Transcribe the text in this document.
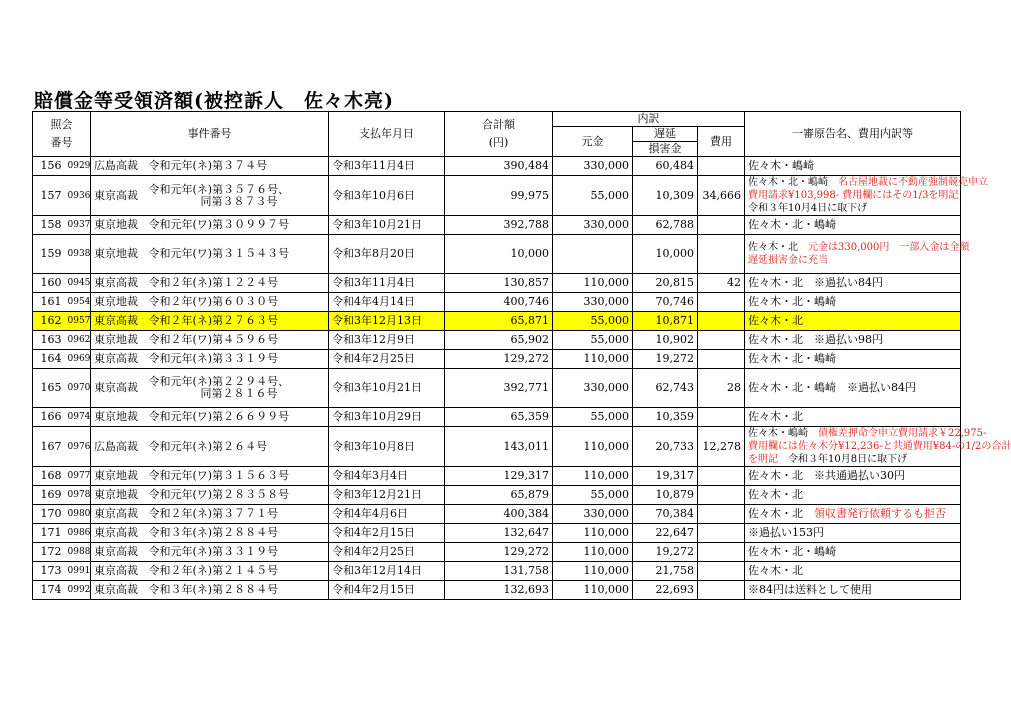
賠償金等受領済額(被控訴人　佐々木亮)
照会
番号		事件番号		支払年月日	合計額
(円)	内訳			一審原告名、費用内訳等
						元金	遅延	費用	
							損害金		
156	0929	広島高裁	令和元年(ネ)第３７４号	令和3年11月4日	390,484	330,000	60,484		佐々木・嶋崎
157	0936	東京高裁	令和元年(ネ)第３５７６号、
同第３８７３号	令和3年10月6日	99,975	55,000	10,309	34,666	佐々木・北・嶋崎　名古屋地裁に不動産強制競売申立
費用請求¥103,998- 費用欄にはその1/3を明記
令和３年10月4日に取下げ

158	0937	東京地裁	令和元年(ワ)第３０９９７号	令和3年10月21日	392,788	330,000	62,788		佐々木・北・嶋崎
159	0938	東京地裁	令和元年(ワ)第３１５４３号	令和3年8月20日	10,000		10,000		佐々木・北　元金は330,000円　一部入金は全額
遅延損害金に充当

160	0945	東京高裁	令和２年(ネ)第１２２４号	令和3年11月4日	130,857	110,000	20,815	42	佐々木・北　※過払い84円
161	0954	東京地裁	令和２年(ワ)第６０３０号	令和4年4月14日	400,746	330,000	70,746		佐々木・北・嶋崎
162	0957	東京高裁	令和２年(ネ)第２７６３号	令和3年12月13日	65,871	55,000	10,871		佐々木・北
163	0962	東京地裁	令和２年(ワ)第４５９６号	令和3年12月9日	65,902	55,000	10,902		佐々木・北　※過払い98円
164	0969	東京高裁	令和元年(ネ)第３３１９号	令和4年2月25日	129,272	110,000	19,272		佐々木・北・嶋崎
165	0970	東京高裁	令和元年(ネ)第２２９４号、
同第２８１６号	令和3年10月21日	392,771	330,000	62,743	28	佐々木・北・嶋崎　※過払い84円
166	0974	東京地裁	令和元年(ワ)第２６６９９号	令和3年10月29日	65,359	55,000	10,359		佐々木・北
167	0976	広島高裁	令和元年(ネ)第２６４号	令和3年10月8日	143,011	110,000	20,733	12,278	佐々木・嶋崎　債権差押命令申立費用請求￥22,975-
費用欄には佐々木分¥12,236-と共通費用¥84-の1/2の合計
を明記　令和３年10月8日に取下げ

168	0977	東京地裁	令和元年(ワ)第３１５６３号	令和4年3月4日	129,317	110,000	19,317		佐々木・北　※共通過払い30円
169	0978	東京地裁	令和元年(ワ)第２８３５８号	令和3年12月21日	65,879	55,000	10,879		佐々木・北
170	0980	東京高裁	令和２年(ネ)第３７７１号	令和4年4月6日	400,384	330,000	70,384		佐々木・北　領収書発行依頼するも拒否
171	0986	東京高裁	令和３年(ネ)第２８８４号	令和4年2月15日	132,647	110,000	22,647		※過払い153円
172	0988	東京高裁	令和元年(ネ)第３３１９号	令和4年2月25日	129,272	110,000	19,272		佐々木・北・嶋崎
173	0991	東京高裁	令和２年(ネ)第２１４５号	令和3年12月14日	131,758	110,000	21,758		佐々木・北
174	0992	東京高裁	令和３年(ネ)第２８８４号	令和4年2月15日	132,693	110,000	22,693		※84円は送料として使用
